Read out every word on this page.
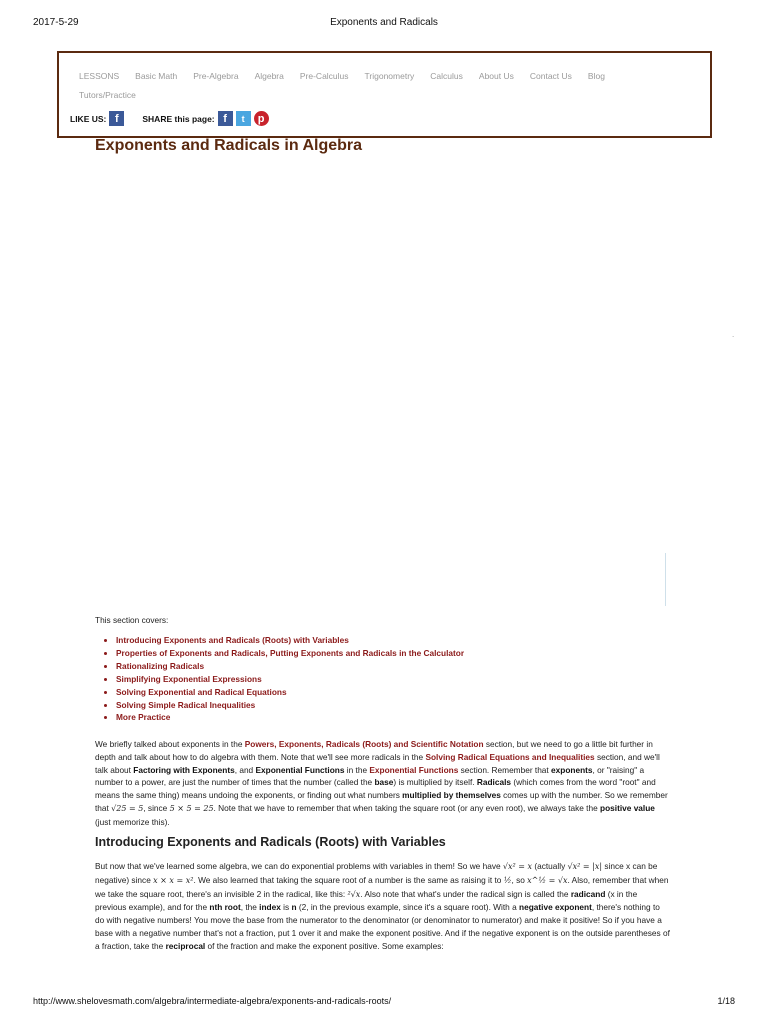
2017-5-29	Exponents and Radicals
LESSONS Basic Math Pre-Algebra Algebra Pre-Calculus Trigonometry Calculus About Us Contact Us Blog
Tutors/Practice
LIKE US: f	SHARE this page: f	t	p
Exponents and Radicals in Algebra
.
This section covers:
• Introducing Exponents and Radicals (Roots) with Variables
• Properties of Exponents and Radicals, Putting Exponents and Radicals in the Calculator
• Rationalizing Radicals
• Simplifying Exponential Expressions
• Solving Exponential and Radical Equations
• Solving Simple Radical Inequalities
• More Practice
We briefly talked about exponents in the Powers, Exponents, Radicals (Roots) and Scientific Notation section, but we need to go a little bit further in depth and talk about how to do algebra with them. Note that we'll see more radicals in the Solving Radical Equations and Inequalities section, and we'll talk about Factoring with Exponents, and Exponential Functions in the Exponential Functions section. Remember that exponents, or "raising" a number to a power, are just the number of times that the number (called the base) is multiplied by itself. Radicals (which comes from the word "root" and means the same thing) means undoing the exponents, or finding out what numbers multiplied by themselves comes up with the number. So we remember that √25 = 5, since 5 × 5 = 25. Note that we have to remember that when taking the square root (or any even root), we always take the positive value (just memorize this).
Introducing Exponents and Radicals (Roots) with Variables
But now that we've learned some algebra, we can do exponential problems with variables in them! So we have √x² = x (actually √x² = |x| since x can be negative) since x × x = x². We also learned that taking the square root of a number is the same as raising it to ½, so x^½ = √x. Also, remember that when we take the square root, there's an invisible 2 in the radical, like this: ²√x. Also note that what's under the radical sign is called the radicand (x in the previous example), and for the nth root, the index is n (2, in the previous example, since it's a square root). With a negative exponent, there's nothing to do with negative numbers! You move the base from the numerator to the denominator (or denominator to numerator) and make it positive! So if you have a base with a negative number that's not a fraction, put 1 over it and make the exponent positive. And if the negative exponent is on the outside parentheses of a fraction, take the reciprocal of the fraction and make the exponent positive. Some examples:
http://www.shelovesmath.com/algebra/intermediate-algebra/exponents-and-radicals-roots/	1/18
